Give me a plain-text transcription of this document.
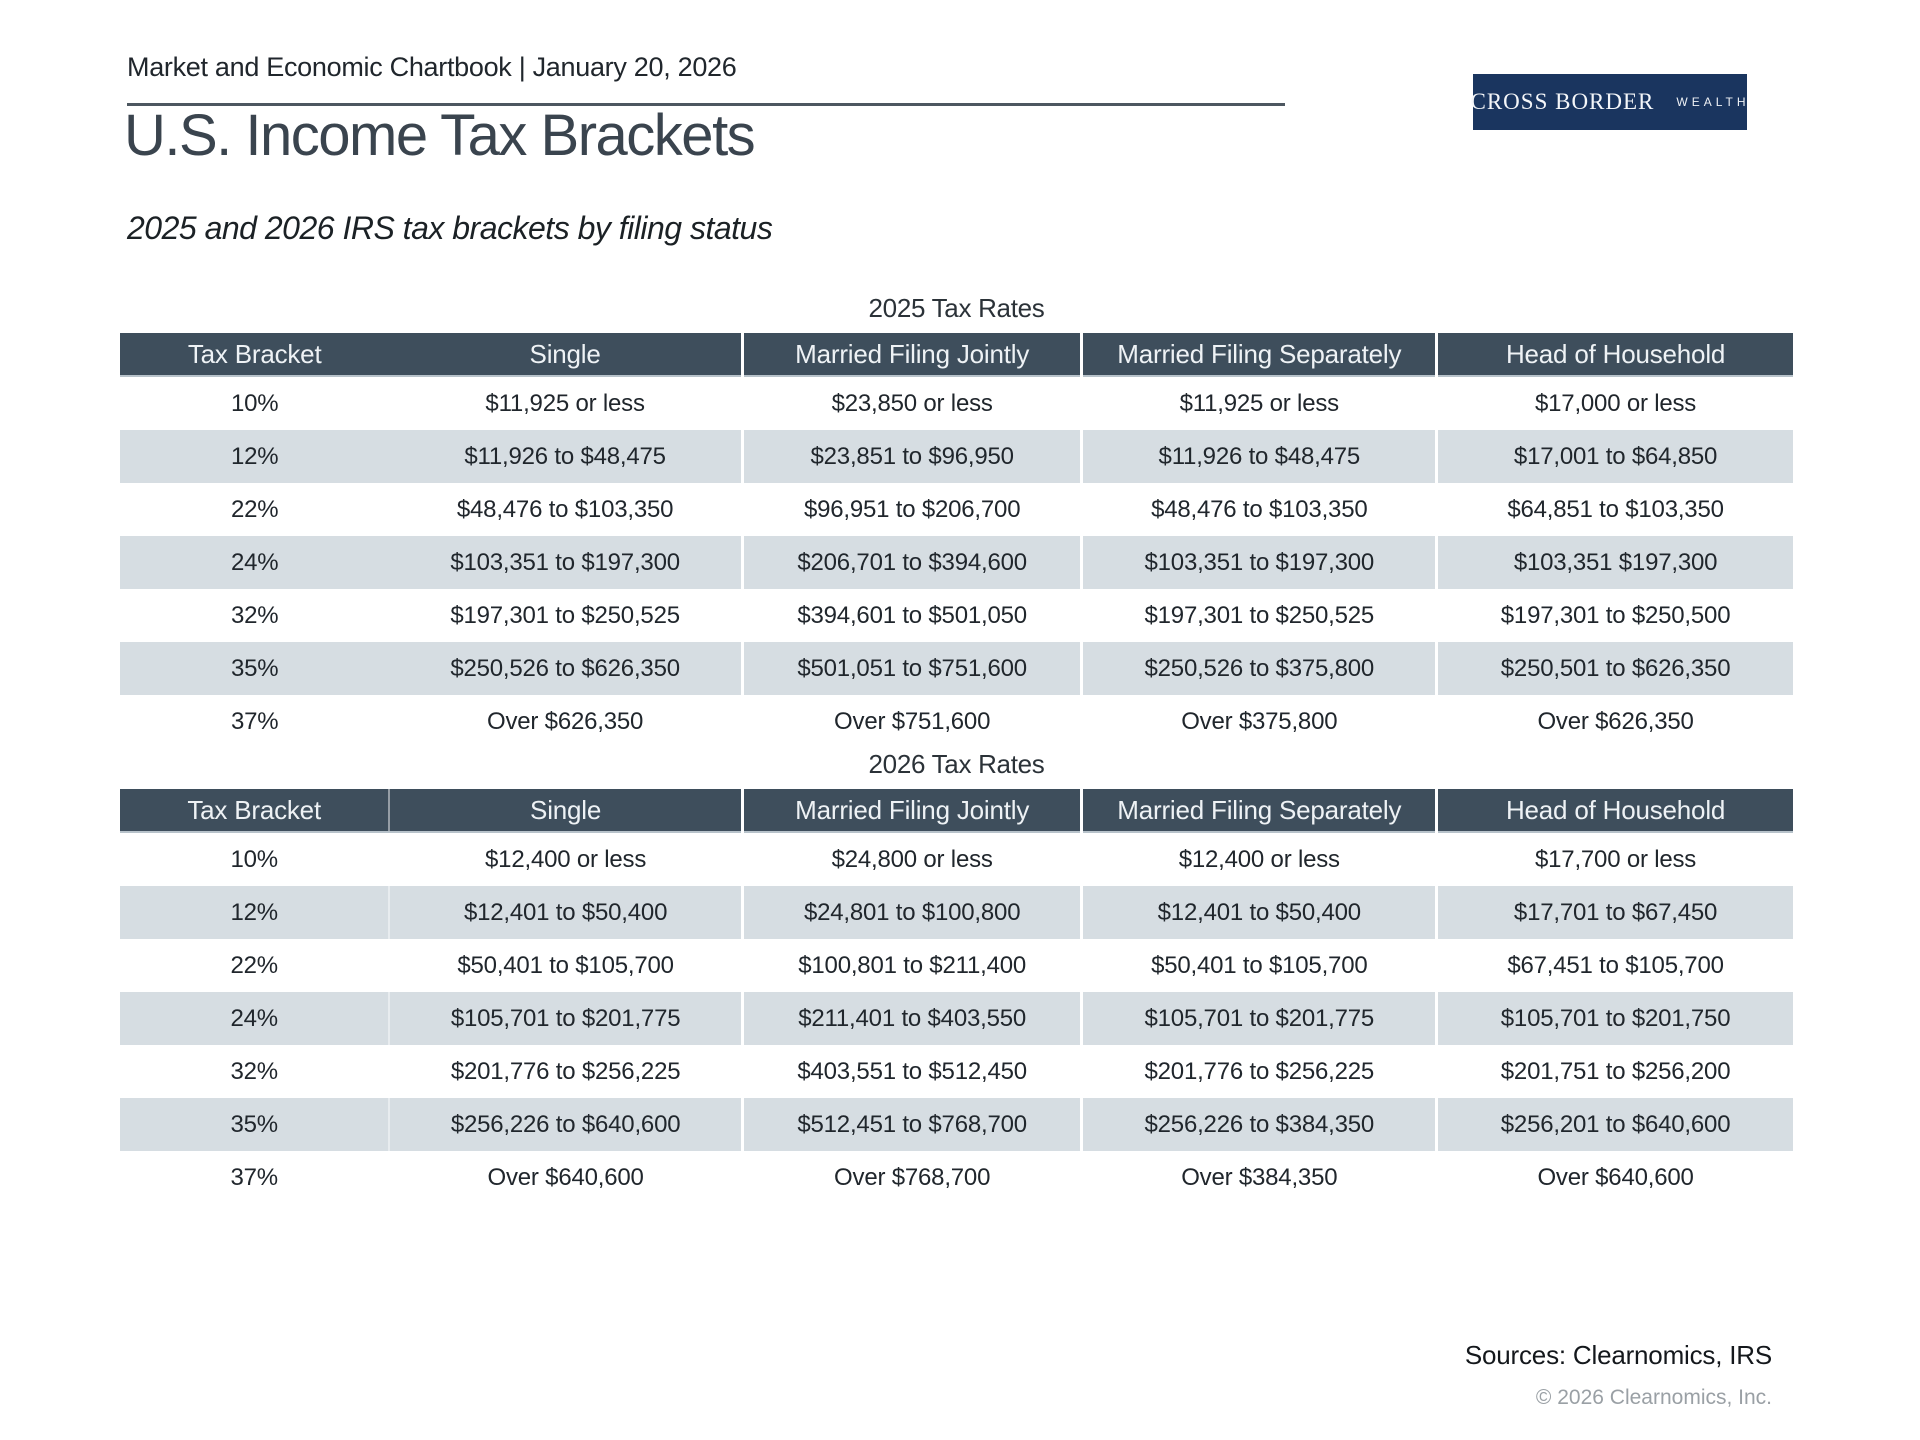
Market and Economic Chartbook | January 20, 2026
CROSS BORDER WEALTH
U.S. Income Tax Brackets
2025 and 2026 IRS tax brackets by filing status
2025 Tax Rates
Tax Bracket	Single	Married Filing Jointly	Married Filing Separately	Head of Household
10%	$11,925 or less	$23,850 or less	$11,925 or less	$17,000 or less
12%	$11,926 to $48,475	$23,851 to $96,950	$11,926 to $48,475	$17,001 to $64,850
22%	$48,476 to $103,350	$96,951 to $206,700	$48,476 to $103,350	$64,851 to $103,350
24%	$103,351 to $197,300	$206,701 to $394,600	$103,351 to $197,300	$103,351 $197,300
32%	$197,301 to $250,525	$394,601 to $501,050	$197,301 to $250,525	$197,301 to $250,500
35%	$250,526 to $626,350	$501,051 to $751,600	$250,526 to $375,800	$250,501 to $626,350
37%	Over $626,350	Over $751,600	Over $375,800	Over $626,350
2026 Tax Rates
Tax Bracket	Single	Married Filing Jointly	Married Filing Separately	Head of Household
10%	$12,400 or less	$24,800 or less	$12,400 or less	$17,700 or less
12%	$12,401 to $50,400	$24,801 to $100,800	$12,401 to $50,400	$17,701 to $67,450
22%	$50,401 to $105,700	$100,801 to $211,400	$50,401 to $105,700	$67,451 to $105,700
24%	$105,701 to $201,775	$211,401 to $403,550	$105,701 to $201,775	$105,701 to $201,750
32%	$201,776 to $256,225	$403,551 to $512,450	$201,776 to $256,225	$201,751 to $256,200
35%	$256,226 to $640,600	$512,451 to $768,700	$256,226 to $384,350	$256,201 to $640,600
37%	Over $640,600	Over $768,700	Over $384,350	Over $640,600
Sources: Clearnomics, IRS
© 2026 Clearnomics, Inc.
